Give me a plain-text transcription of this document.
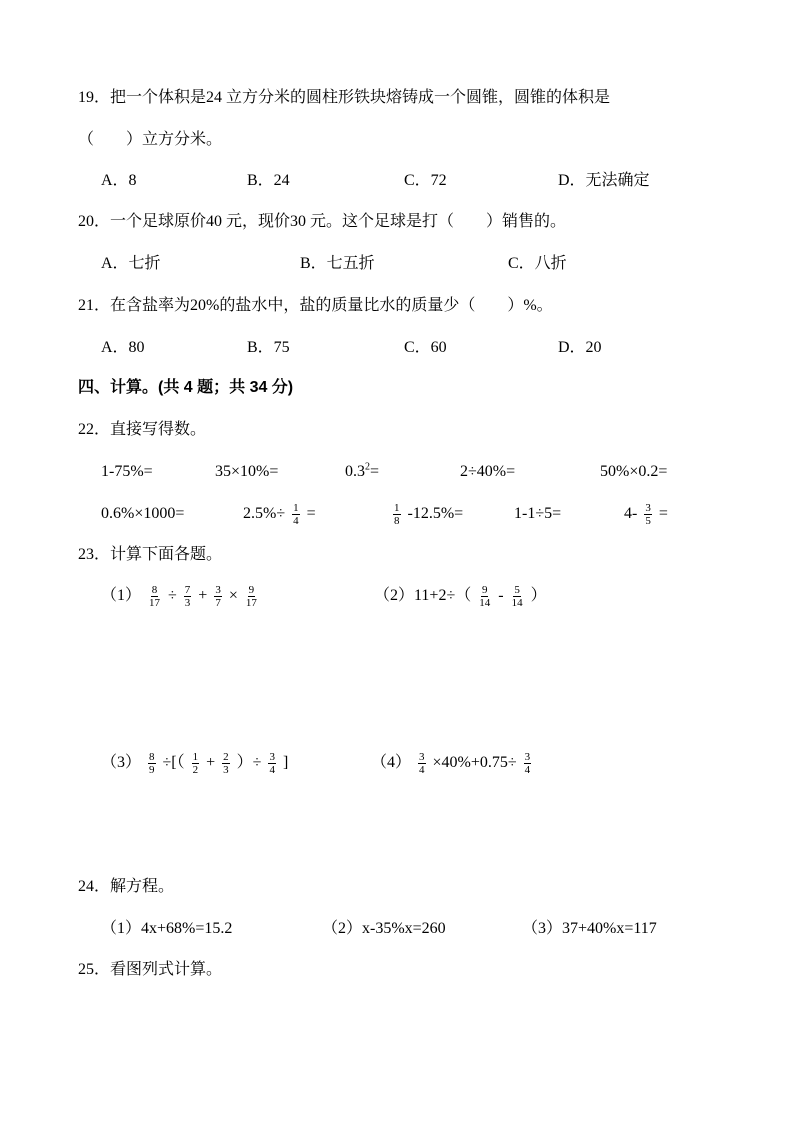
19．把一个体积是24 立方分米的圆柱形铁块熔铸成一个圆锥，圆锥的体积是
（　　）立方分米。
A．8	B．24	C．72	D．无法确定
20．一个足球原价40 元，现价30 元。这个足球是打（　　）销售的。
A．七折	B．七五折	C．八折
21．在含盐率为20%的盐水中，盐的质量比水的质量少（　　）%。
A．80	B．75	C．60	D．20
四、计算。(共 4 题；共 34 分)
22．直接写得数。
1-75%=	35×10%=	$0.3^2=$	2÷40%=	50%×0.2=
0.6%×1000=	$2.5\%\div \frac{1}{4}$ =	$\frac{1}{8} -12.5\%=$	1-1÷5=	$4- \frac{3}{5}$ =
23．计算下面各题。
$(1) \frac{8}{17} \div \frac{7}{3} + \frac{3}{7} \times \frac{9}{17}$	$(2)11+2\div( \frac{9}{14} - \frac{5}{14}$ ）
$(3) \frac{8}{9}$ ÷[（ $\frac{1}{2} + \frac{2}{3}$ ）÷ $\frac{3}{4}$ ]	$(4) \frac{3}{4} \times 40\%+0.75\div \frac{3}{4}$
24．解方程。
（1）4x+68%=15.2	（2）x-35%x=260	（3）37+40%x=117
25．看图列式计算。
